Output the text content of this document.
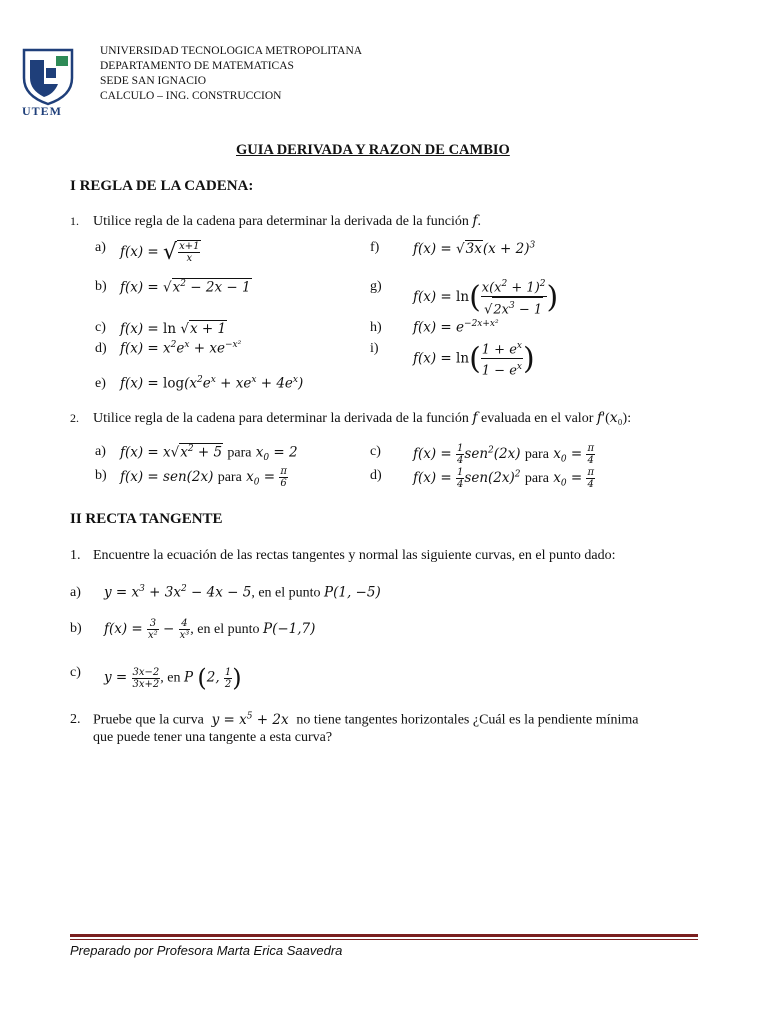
UTEM
UNIVERSIDAD TECNOLOGICA METROPOLITANA
DEPARTAMENTO DE MATEMATICAS
SEDE SAN IGNACIO
CALCULO – ING. CONSTRUCCION
GUIA DERIVADA Y RAZON DE CAMBIO
I REGLA DE LA CADENA:
1. Utilice regla de la cadena para determinar la derivada de la función 𝑓.
a)
b)
c)
d)
e)
𝑓(𝑥) = √ $\frac{\text{𝑥+1}}{\text{𝑥}}$
𝑓(𝑥) = √𝑥$^2$ − 2𝑥 − 1
𝑓(𝑥) = ln √𝑥 + 1
𝑓(𝑥) = 𝑥$^2$𝑒$^𝑥$ + 𝑥𝑒$^{-𝑥^2}$
𝑓(𝑥) = log(𝑥$^2$𝑒$^𝑥$ + 𝑥𝑒$^𝑥$ + 4𝑒$^𝑥$)
f)
g)
h)
i)
𝑓(𝑥) = √3𝑥(𝑥 + 2)$^3$
𝑓(𝑥) = $\ln( \frac{𝑥(𝑥^2 + 1)^2}{√2𝑥^3 - 1}$ )
𝑓(𝑥) = 𝑒$^{-2𝑥+𝑥^2}$
𝑓(𝑥) = $\ln( \frac{1 + 𝑒^𝑥}{1 - 𝑒^𝑥}$ )
2. Utilice regla de la cadena para determinar la derivada de la función 𝑓 evaluada en el valor 𝑓′(𝑥₀):
a)
b)
c)
d)
𝑓(𝑥) = 𝑥√𝑥$^2$ + 5 para 𝑥$_0$ = 2
𝑓(𝑥) = 𝑠𝑒𝑛(2𝑥) para 𝑥$_0$ = $\frac{\text{𝜋}}{6}$
𝑓(𝑥) = $\frac{1}{4}$ 𝑠𝑒𝑛$^2$(2𝑥) para 𝑥$_0$ = $\frac{\text{𝜋}}{4}$
𝑓(𝑥) = $\frac{1}{4}$ 𝑠𝑒𝑛(2𝑥)$^2$ para 𝑥$_0$ = $\frac{\text{𝜋}}{4}$
II RECTA TANGENTE
1. Encuentre la ecuación de las rectas tangentes y normal las siguiente curvas, en el punto dado:
a) 𝑦 = 𝑥$^3$ + 3𝑥$^2$ − 4𝑥 − 5, en el punto 𝑃(1, −5)
b) 𝑓(𝑥) = $\frac{3}{\text{𝑥²}} - \frac{4}{\text{𝑥³}}$ , en el punto 𝑃(−1,7)
c) 𝑦 = $\frac{\text{3𝑥−2}}{\text{3𝑥+2}}$ , en 𝑃 (2, $\frac{1}{2}$ )
2. Pruebe que la curva  𝑦 = 𝑥$^5$ + 2𝑥  no tiene tangentes horizontales ¿Cuál es la pendiente mínima
que puede tener una tangente a esta curva?
Preparado por Profesora Marta Erica Saavedra
